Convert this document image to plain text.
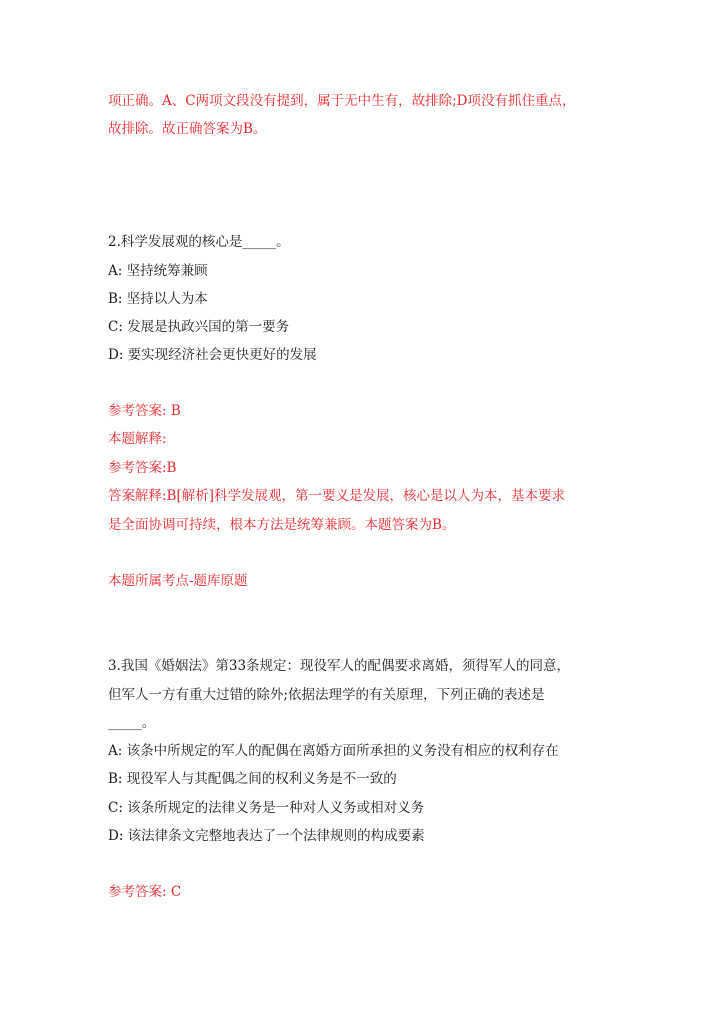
项正确。A、C两项文段没有提到，属于无中生有，故排除;D项没有抓住重点，
故排除。故正确答案为B。
2.科学发展观的核心是_____。
A: 坚持统筹兼顾
B: 坚持以人为本
C: 发展是执政兴国的第一要务
D: 要实现经济社会更快更好的发展
参考答案: B
本题解释:
参考答案:B
答案解释:B[解析]科学发展观，第一要义是发展，核心是以人为本，基本要求
是全面协调可持续，根本方法是统筹兼顾。本题答案为B。
本题所属考点-题库原题
3.我国《婚姻法》第33条规定：现役军人的配偶要求离婚，须得军人的同意，
但军人一方有重大过错的除外;依据法理学的有关原理，下列正确的表述是
_____。
A: 该条中所规定的军人的配偶在离婚方面所承担的义务没有相应的权利存在
B: 现役军人与其配偶之间的权利义务是不一致的
C: 该条所规定的法律义务是一种对人义务或相对义务
D: 该法律条文完整地表达了一个法律规则的构成要素
参考答案: C
